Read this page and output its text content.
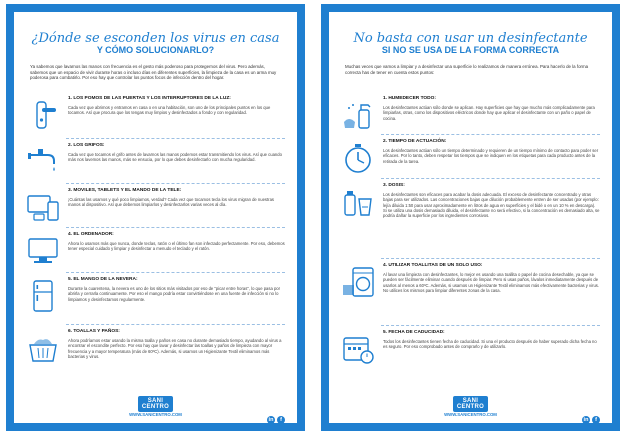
¿Dónde se esconden los virus en casa
Y CÓMO SOLUCIONARLO?
Ya sabemos que lavarnos las manos con frecuencia es el gesto más poderoso para protegernos del virus. Pero además, sabemos que un espacio de vivir durante horas o incluso días en diferentes superficies, la limpieza de la casa es un arma muy poderosa para combatirlo. Por eso hay que controlar los puntos focos de infección dentro del hogar.
1. LOS POMOS DE LAS PUERTAS Y LOS INTERRUPTORES DE LA LUZ:
Cada vez que abrimos y entramos en casa o en una habitación, son uno de los principales puntos en los que tocamos. Así que procura que los tengas muy limpios y desinfectados a fondo y con regularidad.
2. LOS GRIFOS:
Cada vez que tocamos el grifo antes de lavarnos las manos podemos estar transmitiendo los virus. Así que cuando más nos lavemos las manos, más se ensucia, por lo que debes desinfectarlo con mucha regularidad.
3. MOVILES, TABLETS Y EL MANDO DE LA TELE:
¡Cuántas las usamos y qué poco limpiamos, verdad? Cada vez que tocamos tecla los virus migran de nuestras manos al dispositivo. Así que debemos limpiarlos y desinfectarlos varias veces al día.
4. EL ORDENADOR:
Ahora lo usamos más que nunca, donde teclas, ratón o el último fan son infectado perfectamente. Por eso, debemos tener especial cuidado y limpiar y desinfectar a menudo el teclado y el ratón.
5. EL MANGO DE LA NEVERA:
Durante la cuarentena, la nevera es uno de los sitios más visitados por eso de "picar entre horas", lo que pasa por abrirla y cerrarla continuamente. Por eso el mango podría estar convirtiéndose en una fuente de infección si no lo limpiamos y desinfectamos regularmente.
6. TOALLAS Y PAÑOS:
Ahora podríamos estar usando la misma toalla y paños en casa no durante demasiado tiempo, ayudando al virus a encontrar el escondite perfecto. Por eso hay que lavar y desinfectar las toallas y paños de limpieza con mayor frecuencia y a mayor temperatura (más de 60ºC). Además, si usamos un Higienizante Textil eliminamos más bacterias y virus.
SANI
CENTRO
WWW.SANICENTRO.COM
in f
No basta con usar un desinfectante
SI NO SE USA DE LA FORMA CORRECTA
Muchas veces que vamos a limpiar y a desinfectar una superficie lo realizamos de manera errónea. Para hacerlo de la forma correcta has de tener en cuenta estos puntos:
1. HUMEDECER TODO:
Los desinfectantes actúan sólo donde se aplican. Hay superficies que hay que mucho más complicadamente para limpiarlas, otras, como los dispositivos eléctricos donde hay que aplicar el desinfectante con un paño o papel de cocina.
2. TIEMPO DE ACTUACIÓN:
Los desinfectantes actúan sólo un tiempo determinado y requieren de un tiempo mínimo de contacto para poder ser eficaces. Por lo tanto, deben respetar los tiempos que se indiquen en los etiquetas para cada producto antes de la retirada de la tarea.
3. DOSIS:
Los desinfectantes son eficaces para acabar la dosis adecuada. El exceso de desinfectante concentrado y otras bajas para ser utilizados. Las concentraciones bajas que dilución probablemente entren de ser usadas (por ejemplo: lejía diluida 1:50 para usar aproximadamente en litros de agua en superficies y el bidé o en un 10 % en descarga). Si se utiliza una dosis demasiado diluida, el desinfectante no será efectivo, si la concentración es demasiado alta, se podría dañar la superficie por los ingredientes corrosivos.
4. UTILIZAR TOALLITAS DE UN SOLO USO:
Al lavar una limpieza con desinfectantes, lo mejor es usando una toallita o papel de cocina desechable, ya que se pueden ser fácilmente eliminar cuando después de limpiar. Pero si usas paños, lávalos inmediatamente después de usarlos al menos a 60ºC. Además, si usamos un Higienizante Textil eliminamos más efectivamente bacterias y virus. No utilices los mismos para limpiar diferentes zonas de la casa.
5. FECHA DE CADUCIDAD:
Todos los desinfectantes tienen fecha de caducidad. Si una el producto después de haber superado dicha fecha no es seguro. Por eso comprobado antes de comprarlo y de utilizarlo.
SANI
CENTRO
WWW.SANICENTRO.COM
in f
